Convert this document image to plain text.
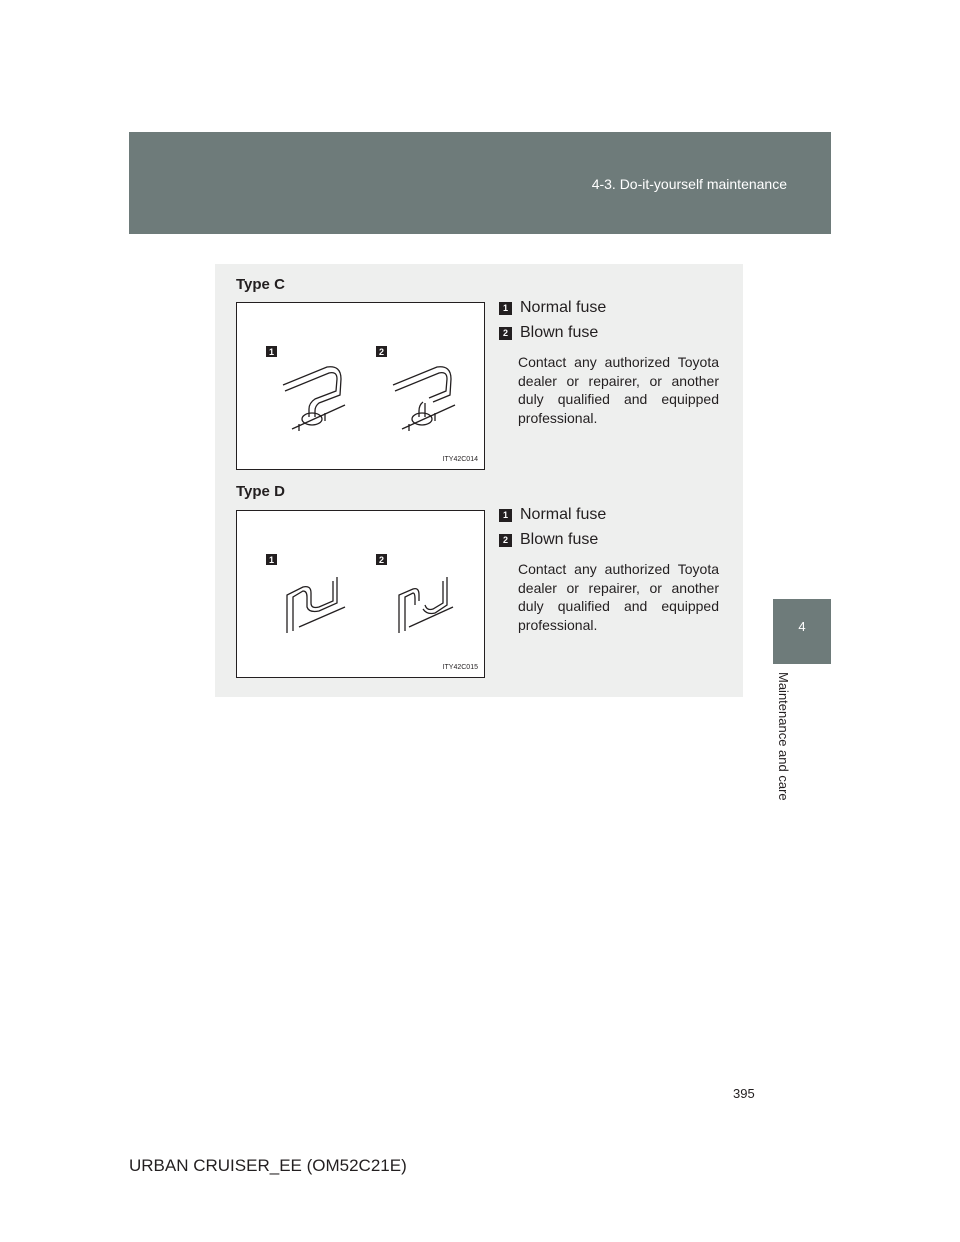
4-3. Do-it-yourself maintenance
4
Maintenance and care
Type C
1	2
ITY42C014
1 Normal fuse
2 Blown fuse
Contact any authorized Toyota dealer or repairer, or another duly qualified and equipped professional.
Type D
1	2
ITY42C015
1 Normal fuse
2 Blown fuse
Contact any authorized Toyota dealer or repairer, or another duly qualified and equipped professional.
395
URBAN CRUISER_EE (OM52C21E)
